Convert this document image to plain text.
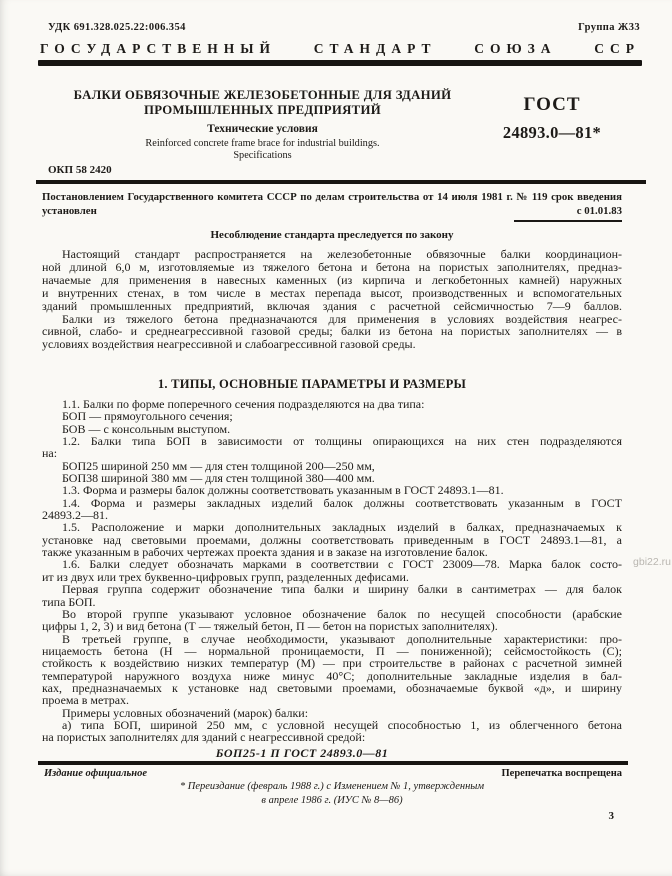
УДК 691.328.025.22:006.354	Группа Ж33
ГОСУДАРСТВЕННЫЙ	СТАНДАРТ	СОЮЗА	ССР
БАЛКИ ОБВЯЗОЧНЫЕ ЖЕЛЕЗОБЕТОННЫЕ ДЛЯ ЗДАНИЙ
ПРОМЫШЛЕННЫХ ПРЕДПРИЯТИЙ
Технические условия
Reinforced concrete frame brace for industrial buildings.
Specifications
ГОСТ
24893.0—81*
ОКП 58 2420
Постановлением Государственного комитета СССР по делам строительства от 14 июля 1981 г. № 119 срок введения
установлен	с 01.01.83
Несоблюдение стандарта преследуется по закону
Настоящий стандарт распространяется на железобетонные обвязочные балки координацион-
ной длиной 6,0 м, изготовляемые из тяжелого бетона и бетона на пористых заполнителях, предназ-
начаемые для применения в навесных каменных (из кирпича и легкобетонных камней) наружных
и внутренних стенах, в том числе в местах перепада высот, производственных и вспомогательных
зданий промышленных предприятий, включая здания с расчетной сейсмичностью 7—9 баллов.
Балки из тяжелого бетона предназначаются для применения в условиях воздействия неагрес-
сивной, слабо- и среднеагрессивной газовой среды; балки из бетона на пористых заполнителях — в
условиях воздействия неагрессивной и слабоагрессивной газовой среды.
1. ТИПЫ, ОСНОВНЫЕ ПАРАМЕТРЫ И РАЗМЕРЫ
1.1. Балки по форме поперечного сечения подразделяются на два типа:
БОП — прямоугольного сечения;
БОВ — с консольным выступом.
1.2. Балки типа БОП в зависимости от толщины опирающихся на них стен подразделяются
на:
БОП25 шириной 250 мм — для стен толщиной 200—250 мм,
БОП38 шириной 380 мм — для стен толщиной 380—400 мм.
1.3. Форма и размеры балок должны соответствовать указанным в ГОСТ 24893.1—81.
1.4. Форма и размеры закладных изделий балок должны соответствовать указанным в ГОСТ
24893.2—81.
1.5. Расположение и марки дополнительных закладных изделий в балках, предназначаемых к
установке над световыми проемами, должны соответствовать приведенным в ГОСТ 24893.1—81, а
также указанным в рабочих чертежах проекта здания и в заказе на изготовление балок.
1.6. Балки следует обозначать марками в соответствии с ГОСТ 23009—78. Марка балок состо-
ит из двух или трех буквенно-цифровых групп, разделенных дефисами.
Первая группа содержит обозначение типа балки и ширину балки в сантиметрах — для балок
типа БОП.
Во второй группе указывают условное обозначение балок по несущей способности (арабские
цифры 1, 2, 3) и вид бетона (Т — тяжелый бетон, П — бетон на пористых заполнителях).
В третьей группе, в случае необходимости, указывают дополнительные характеристики: про-
ницаемость бетона (Н — нормальной проницаемости, П — пониженной); сейсмостойкость (С);
стойкость к воздействию низких температур (М) — при строительстве в районах с расчетной зимней
температурой наружного воздуха ниже минус 40°С; дополнительные закладные изделия в бал-
ках, предназначаемых к установке над световыми проемами, обозначаемые буквой «д», и ширину
проема в метрах.
Примеры условных обозначений (марок) балки:
а) типа БОП, шириной 250 мм, с условной несущей способностью 1, из облегченного бетона
на пористых заполнителях для зданий с неагрессивной средой:
БОП25-1 П ГОСТ 24893.0—81
Издание официальное	Перепечатка воспрещена
* Переиздание (февраль 1988 г.) с Изменением № 1, утвержденным
в апреле 1986 г. (ИУС № 8—86)
3
gbi22.ru
